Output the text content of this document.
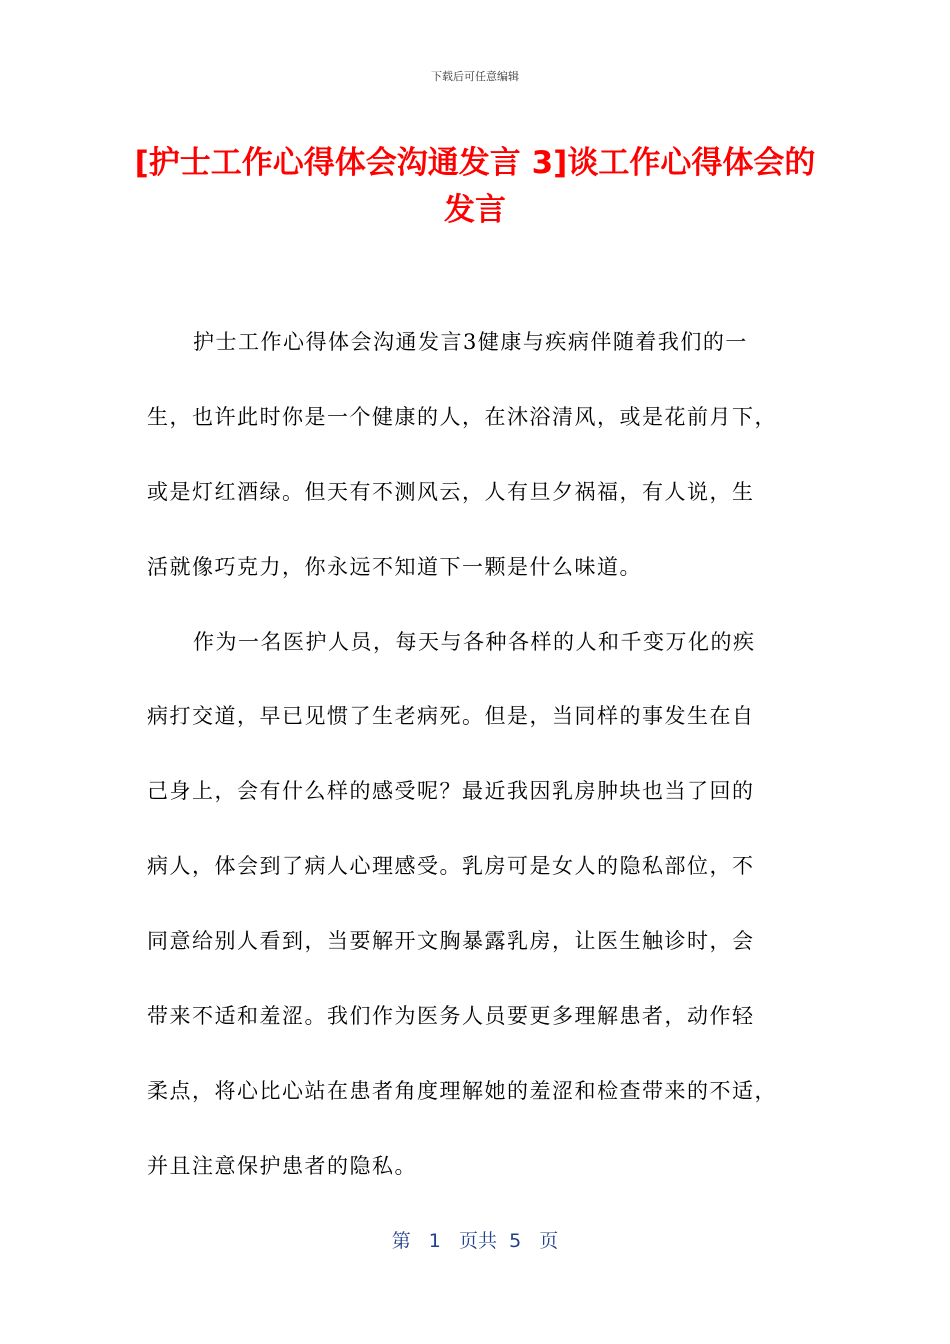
下载后可任意编辑
[护士工作心得体会沟通发言 3]谈工作心得体会的发言
护士工作心得体会沟通发言3健康与疾病伴随着我们的一
生，也许此时你是一个健康的人，在沐浴清风，或是花前月下，
或是灯红酒绿。但天有不测风云，人有旦夕祸福，有人说，生
活就像巧克力，你永远不知道下一颗是什么味道。
作为一名医护人员，每天与各种各样的人和千变万化的疾
病打交道，早已见惯了生老病死。但是，当同样的事发生在自
己身上，会有什么样的感受呢？最近我因乳房肿块也当了回的
病人，体会到了病人心理感受。乳房可是女人的隐私部位，不
同意给别人看到，当要解开文胸暴露乳房，让医生触诊时，会
带来不适和羞涩。我们作为医务人员要更多理解患者，动作轻
柔点，将心比心站在患者角度理解她的羞涩和检查带来的不适，
并且注意保护患者的隐私。
第   1   页共  5   页
